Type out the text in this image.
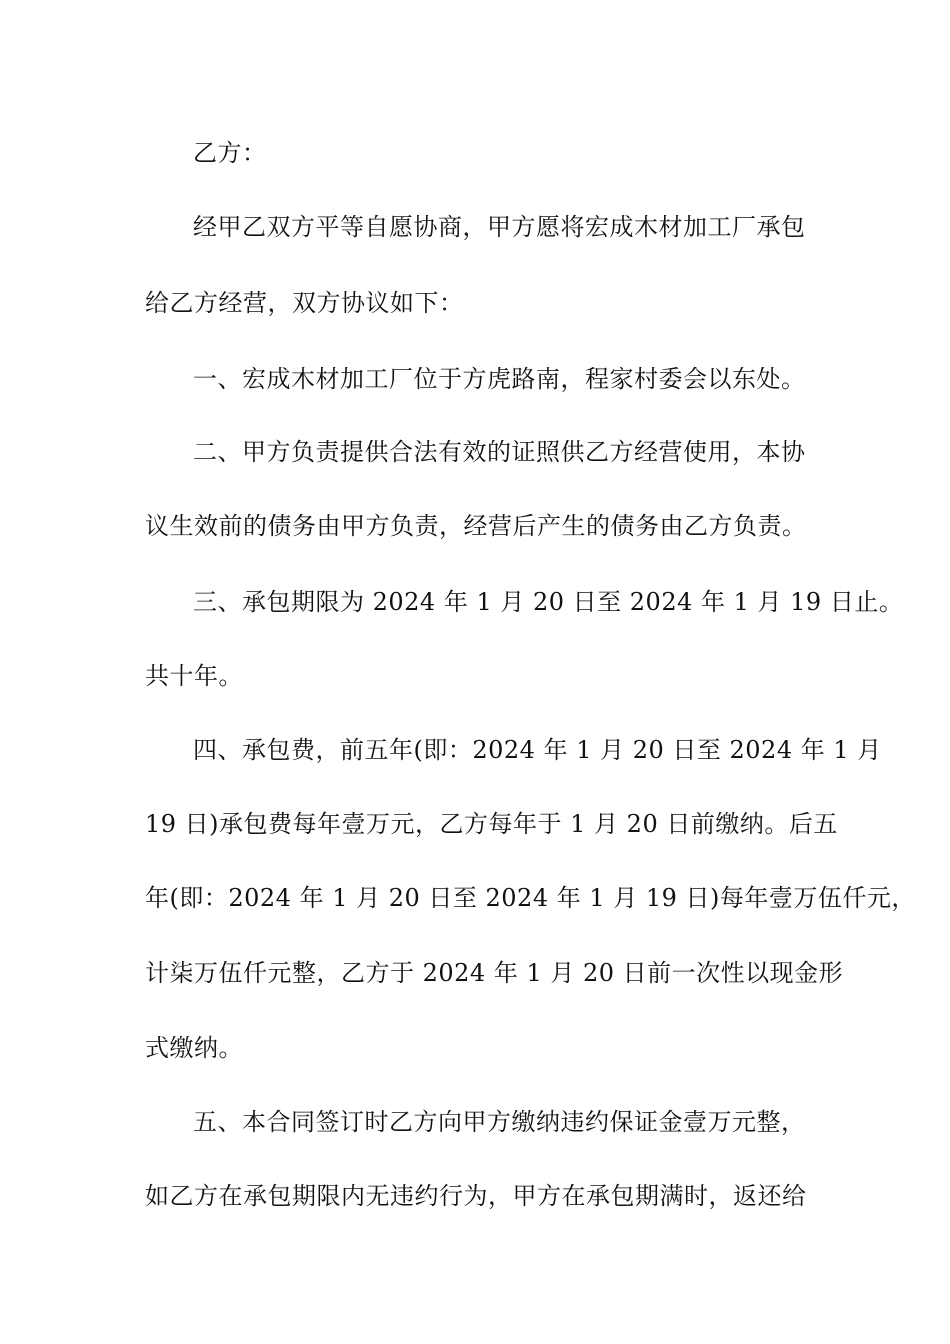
乙方：
经甲乙双方平等自愿协商，甲方愿将宏成木材加工厂承包
给乙方经营，双方协议如下：
一、宏成木材加工厂位于方虎路南，程家村委会以东处。
二、甲方负责提供合法有效的证照供乙方经营使用，本协
议生效前的债务由甲方负责，经营后产生的债务由乙方负责。
三、承包期限为 2024 年 1 月 20 日至 2024 年 1 月 19 日止。
共十年。
四、承包费，前五年(即：2024 年 1 月 20 日至 2024 年 1 月
19 日)承包费每年壹万元，乙方每年于 1 月 20 日前缴纳。后五
年(即：2024 年 1 月 20 日至 2024 年 1 月 19 日)每年壹万伍仟元，
计柒万伍仟元整，乙方于 2024 年 1 月 20 日前一次性以现金形
式缴纳。
五、本合同签订时乙方向甲方缴纳违约保证金壹万元整，
如乙方在承包期限内无违约行为，甲方在承包期满时，返还给
